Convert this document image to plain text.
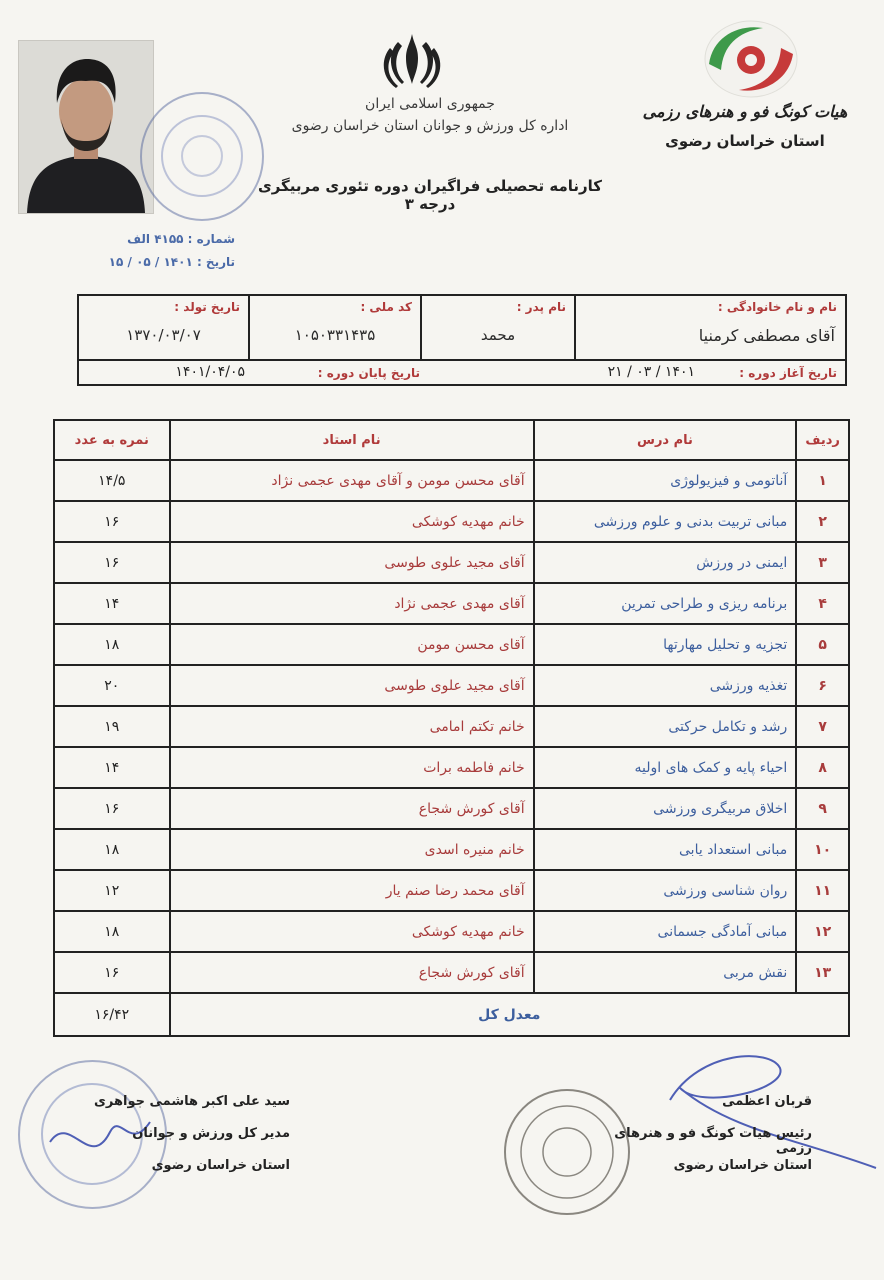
شماره : ۴۱۵۵ الف
تاریخ : ۱۴۰۱ / ۰۵ / ۱۵
جمهوری اسلامی ایران
اداره کل ورزش و جوانان استان خراسان رضوی
هیات کونگ فو و هنرهای رزمی
استان خراسان رضوی
کارنامه تحصیلی فراگیران دوره تئوری مربیگری درجه ۳
نام و نام خانوادگی :
آقای مصطفی کرمنیا
نام پدر :
محمد
کد ملی :
۱۰۵۰۳۳۱۴۳۵
تاریخ تولد :
۱۳۷۰/۰۳/۰۷
تاریخ آغاز دوره :
۱۴۰۱ / ۰۳ / ۲۱
تاریخ پایان دوره :
۱۴۰۱/۰۴/۰۵
ردیف	نام درس	نام استاد	نمره به عدد
۱	آناتومی و فیزیولوژی	آقای محسن مومن و آقای مهدی عجمی نژاد	۱۴/۵
۲	مبانی تربیت بدنی و علوم ورزشی	خانم مهدیه کوشکی	۱۶
۳	ایمنی در ورزش	آقای مجید علوی طوسی	۱۶
۴	برنامه ریزی و طراحی تمرین	آقای مهدی عجمی نژاد	۱۴
۵	تجزیه و تحلیل مهارتها	آقای محسن مومن	۱۸
۶	تغذیه ورزشی	آقای مجید علوی طوسی	۲۰
۷	رشد و تکامل حرکتی	خانم تکتم امامی	۱۹
۸	احیاء پایه و کمک های اولیه	خانم فاطمه برات	۱۴
۹	اخلاق مربیگری ورزشی	آقای کورش شجاع	۱۶
۱۰	مبانی استعداد یابی	خانم منیره اسدی	۱۸
۱۱	روان شناسی ورزشی	آقای محمد رضا صنم یار	۱۲
۱۲	مبانی آمادگی جسمانی	خانم مهدیه کوشکی	۱۸
۱۳	نقش مربی	آقای کورش شجاع	۱۶
معدل کل			۱۶/۴۲
قربان اعظمی
رئیس هیات کونگ فو و هنرهای رزمی
استان خراسان رضوی
سید علی اکبر هاشمی جواهری
مدیر کل ورزش و جوانان
استان خراسان رضوی
